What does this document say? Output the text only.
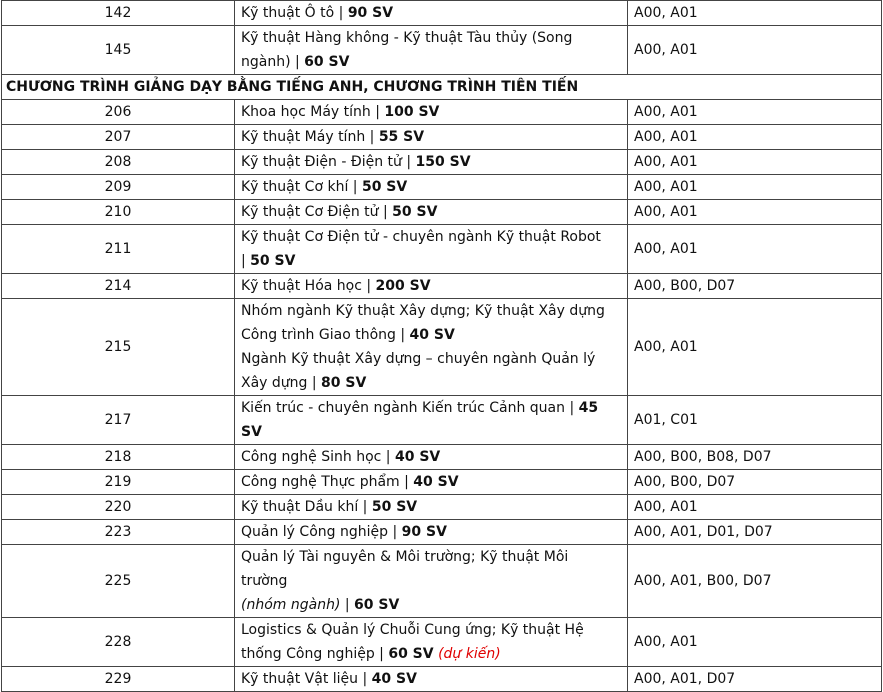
142	Kỹ thuật Ô tô | 90 SV	A00, A01
145	Kỹ thuật Hàng không - Kỹ thuật Tàu thủy (Song
ngành) | 60 SV	A00, A01
CHƯƠNG TRÌNH GIẢNG DẠY BẰNG TIẾNG ANH, CHƯƠNG TRÌNH TIÊN TIẾN		
206	Khoa học Máy tính | 100 SV	A00, A01
207	Kỹ thuật Máy tính | 55 SV	A00, A01
208	Kỹ thuật Điện - Điện tử | 150 SV	A00, A01
209	Kỹ thuật Cơ khí | 50 SV	A00, A01
210	Kỹ thuật Cơ Điện tử | 50 SV	A00, A01
211	Kỹ thuật Cơ Điện tử - chuyên ngành Kỹ thuật Robot
| 50 SV	A00, A01
214	Kỹ thuật Hóa học | 200 SV	A00, B00, D07
215	Nhóm ngành Kỹ thuật Xây dựng; Kỹ thuật Xây dựng
Công trình Giao thông | 40 SV
Ngành Kỹ thuật Xây dựng – chuyên ngành Quản lý
Xây dựng | 80 SV	A00, A01
217	Kiến trúc - chuyên ngành Kiến trúc Cảnh quan | 45
SV	A01, C01
218	Công nghệ Sinh học | 40 SV	A00, B00, B08, D07
219	Công nghệ Thực phẩm | 40 SV	A00, B00, D07
220	Kỹ thuật Dầu khí | 50 SV	A00, A01
223	Quản lý Công nghiệp | 90 SV	A00, A01, D01, D07
225	Quản lý Tài nguyên & Môi trường; Kỹ thuật Môi
trường
(nhóm ngành) | 60 SV	A00, A01, B00, D07
228	Logistics & Quản lý Chuỗi Cung ứng; Kỹ thuật Hệ
thống Công nghiệp | 60 SV (dự kiến)	A00, A01
229	Kỹ thuật Vật liệu | 40 SV	A00, A01, D07
